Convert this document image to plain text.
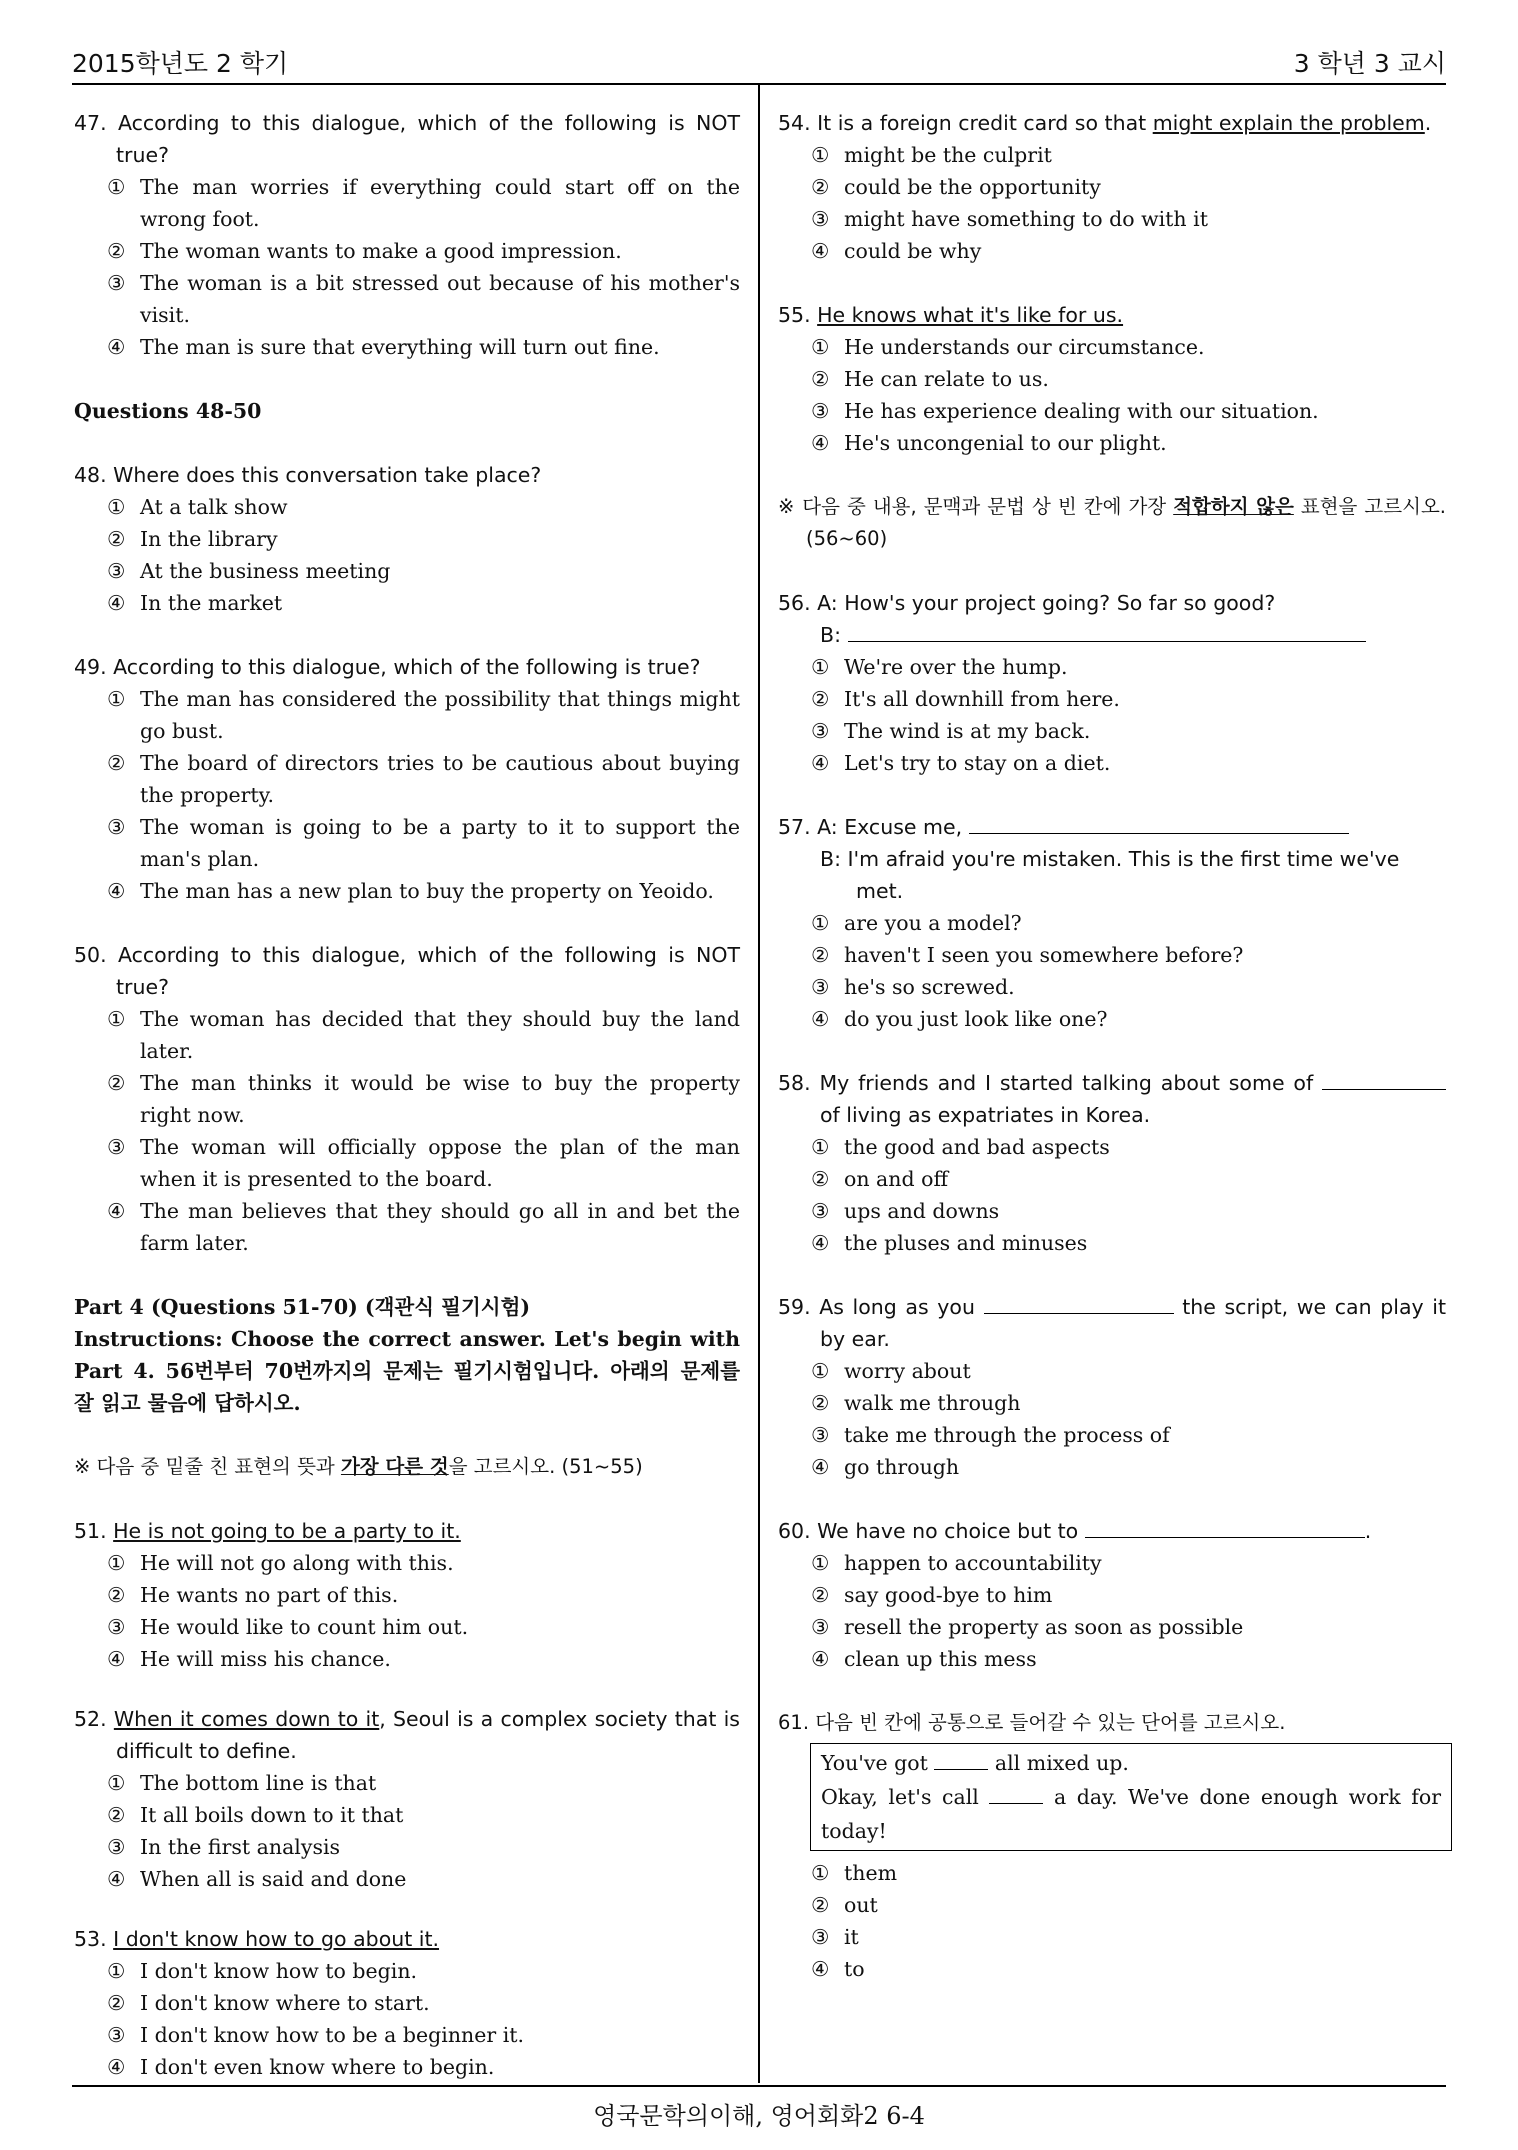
2015학년도 2 학기	3 학년 3 교시
47. According to this dialogue, which of the following is NOT true?
① The man worries if everything could start off on the wrong foot.
② The woman wants to make a good impression.
③ The woman is a bit stressed out because of his mother's visit.
④ The man is sure that everything will turn out fine.
Questions 48-50
48. Where does this conversation take place?
① At a talk show
② In the library
③ At the business meeting
④ In the market
49. According to this dialogue, which of the following is true?
① The man has considered the possibility that things might go bust.
② The board of directors tries to be cautious about buying the property.
③ The woman is going to be a party to it to support the man's plan.
④ The man has a new plan to buy the property on Yeoido.
50. According to this dialogue, which of the following is NOT true?
① The woman has decided that they should buy the land later.
② The man thinks it would be wise to buy the property right now.
③ The woman will officially oppose the plan of the man when it is presented to the board.
④ The man believes that they should go all in and bet the farm later.
Part 4 (Questions 51-70) (객관식 필기시험)
Instructions: Choose the correct answer. Let's begin with Part 4. 56번부터 70번까지의 문제는 필기시험입니다. 아래의 문제를 잘 읽고 물음에 답하시오.
※ 다음 중 밑줄 친 표현의 뜻과 가장 다른 것을 고르시오. (51~55)
51. He is not going to be a party to it.
① He will not go along with this.
② He wants no part of this.
③ He would like to count him out.
④ He will miss his chance.
52. When it comes down to it, Seoul is a complex society that is difficult to define.
① The bottom line is that
② It all boils down to it that
③ In the first analysis
④ When all is said and done
53. I don't know how to go about it.
① I don't know how to begin.
② I don't know where to start.
③ I don't know how to be a beginner it.
④ I don't even know where to begin.
54. It is a foreign credit card so that might explain the problem.
① might be the culprit
② could be the opportunity
③ might have something to do with it
④ could be why
55. He knows what it's like for us.
① He understands our circumstance.
② He can relate to us.
③ He has experience dealing with our situation.
④ He's uncongenial to our plight.
※ 다음 중 내용, 문맥과 문법 상 빈 칸에 가장 적합하지 않은 표현을 고르시오. (56~60)
56. A: How's your project going? So far so good?
B:
① We're over the hump.
② It's all downhill from here.
③ The wind is at my back.
④ Let's try to stay on a diet.
57. A: Excuse me,
B: I'm afraid you're mistaken. This is the first time we've met.
① are you a model?
② haven't I seen you somewhere before?
③ he's so screwed.
④ do you just look like one?
58. My friends and I started talking about some of  of living as expatriates in Korea.
① the good and bad aspects
② on and off
③ ups and downs
④ the pluses and minuses
59. As long as you	the script, we can play it by ear.
① worry about
② walk me through
③ take me through the process of
④ go through
60. We have no choice but to	.
① happen to accountability
② say good-bye to him
③ resell the property as soon as possible
④ clean up this mess
61. 다음 빈 칸에 공통으로 들어갈 수 있는 단어를 고르시오.
You've got	all mixed up.
Okay, let's call	a day. We've done enough work for today!
① them
② out
③ it
④ to
영국문학의이해, 영어회화2 6-4
